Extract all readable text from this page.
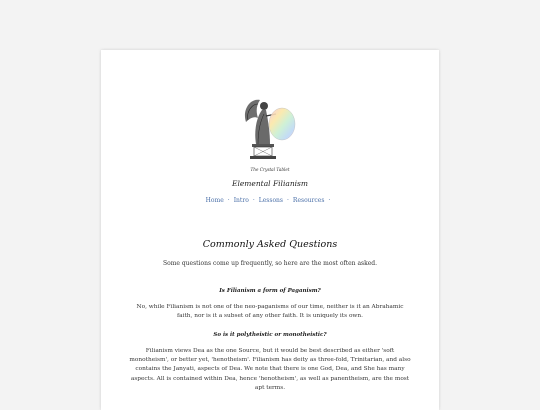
The Crystal Tablet
Elemental Filianism
Home · Intro · Lessons · Resources ·
Commonly Asked Questions
Some questions come up frequently, so here are the most often asked.
Is Filianism a form of Paganism?
No, while Filianism is not one of the neo-paganisms of our time, neither is it an Abrahamic faith, nor is it a subset of any other faith. It is uniquely its own.
So is it polytheistic or monotheistic?
Filianism views Dea as the one Source, but it would be best described as either 'soft monotheism', or better yet, 'henotheism'. Filianism has deity as three-fold, Trinitarian, and also contains the Janyati, aspects of Dea. We note that there is one God, Dea, and She has many aspects. All is contained within Dea, hence 'henotheism', as well as panentheism, are the most apt terms.
